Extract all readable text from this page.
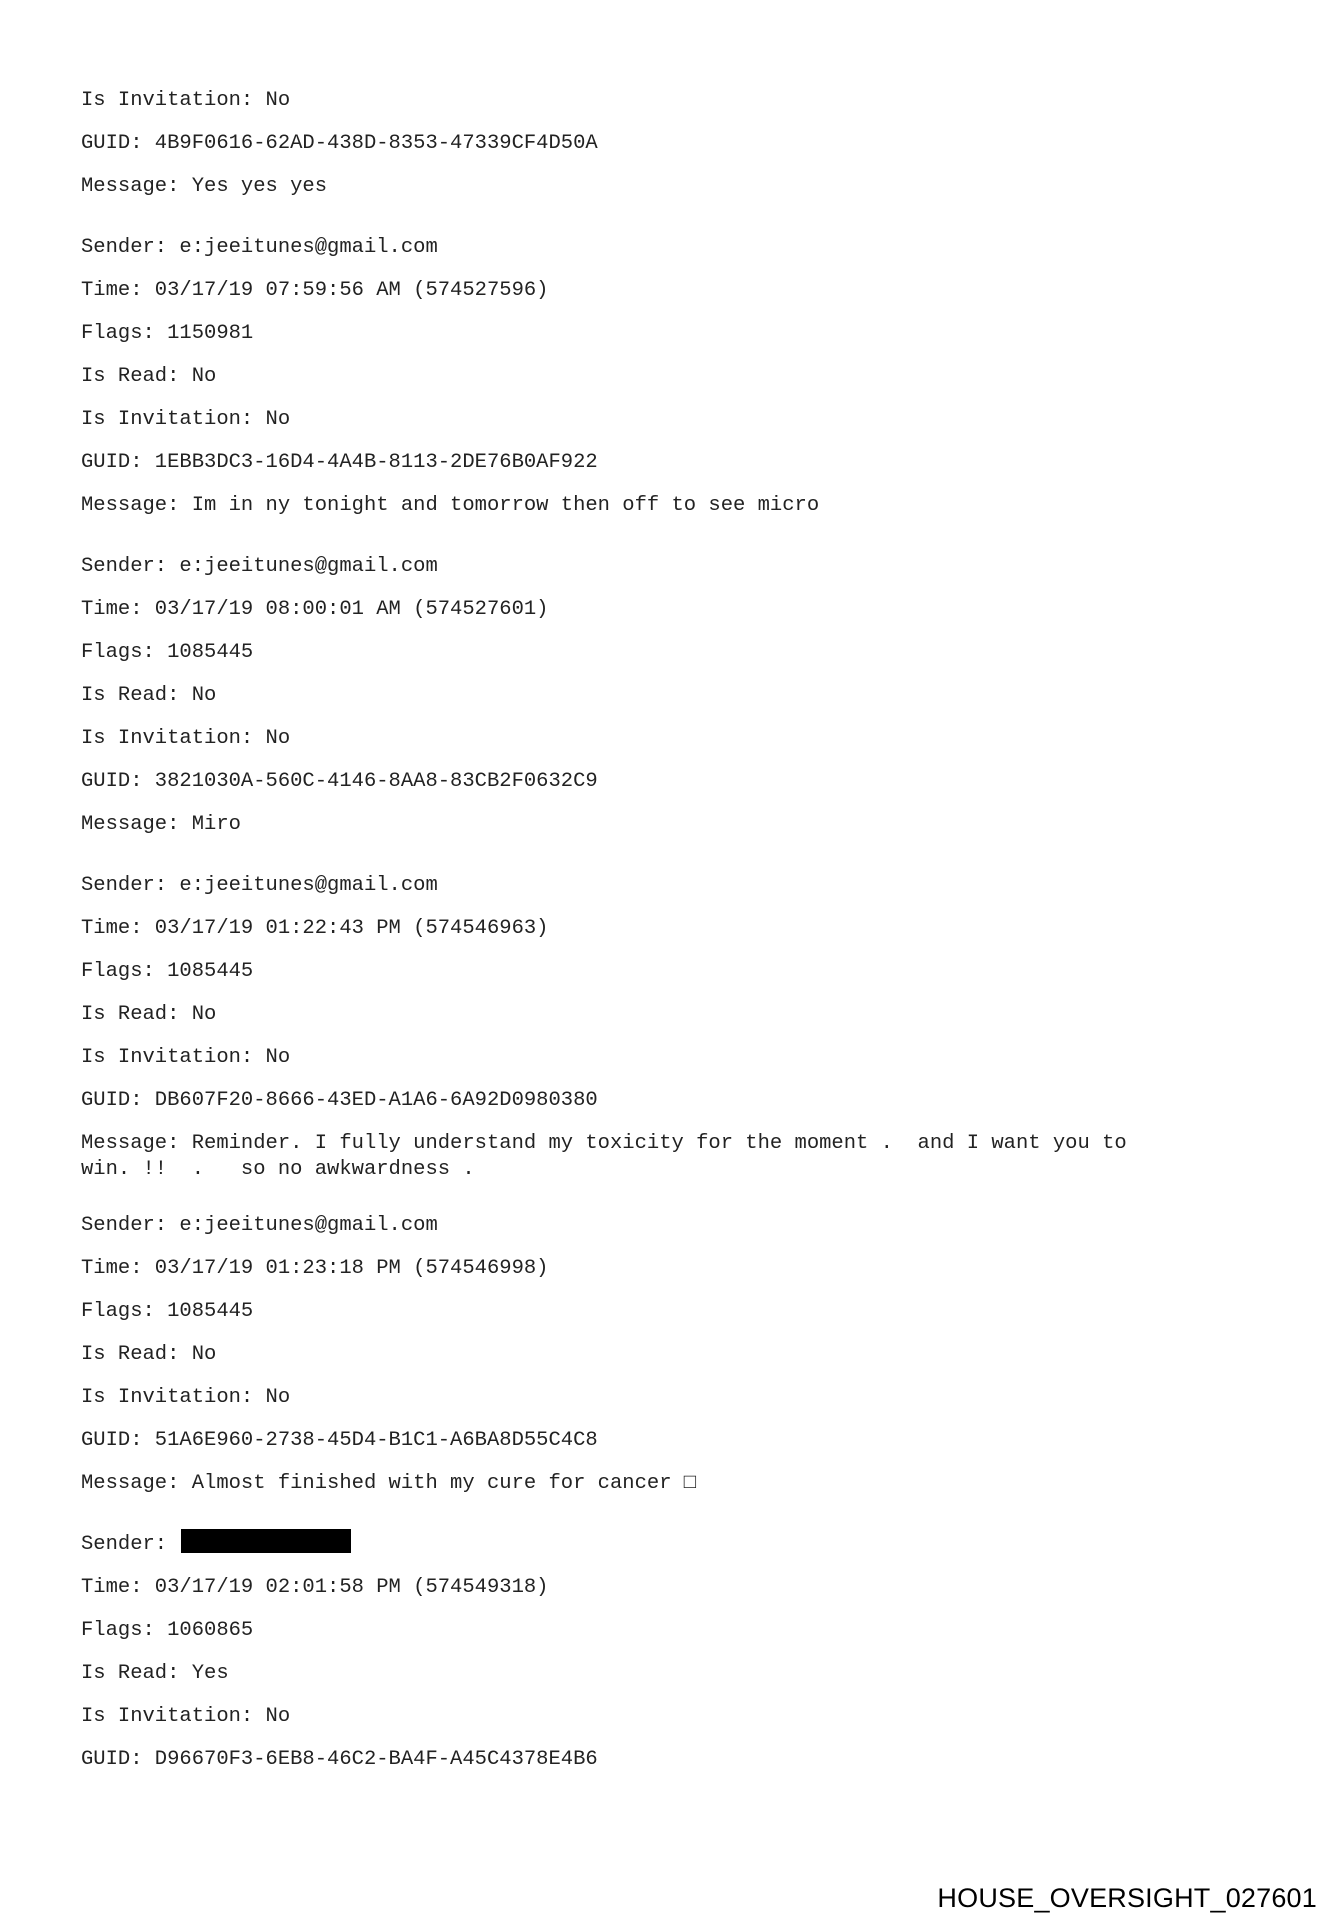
Is Invitation: No
GUID: 4B9F0616-62AD-438D-8353-47339CF4D50A
Message: Yes yes yes
Sender: e:jeeitunes@gmail.com
Time: 03/17/19 07:59:56 AM (574527596)
Flags: 1150981
Is Read: No
Is Invitation: No
GUID: 1EBB3DC3-16D4-4A4B-8113-2DE76B0AF922
Message: Im in ny tonight and tomorrow then off to see micro
Sender: e:jeeitunes@gmail.com
Time: 03/17/19 08:00:01 AM (574527601)
Flags: 1085445
Is Read: No
Is Invitation: No
GUID: 3821030A-560C-4146-8AA8-83CB2F0632C9
Message: Miro
Sender: e:jeeitunes@gmail.com
Time: 03/17/19 01:22:43 PM (574546963)
Flags: 1085445
Is Read: No
Is Invitation: No
GUID: DB607F20-8666-43ED-A1A6-6A92D0980380
Message: Reminder. I fully understand my toxicity for the moment .  and I want you to
win. !!  .   so no awkwardness .
Sender: e:jeeitunes@gmail.com
Time: 03/17/19 01:23:18 PM (574546998)
Flags: 1085445
Is Read: No
Is Invitation: No
GUID: 51A6E960-2738-45D4-B1C1-A6BA8D55C4C8
Message: Almost finished with my cure for cancer □
Sender:
Time: 03/17/19 02:01:58 PM (574549318)
Flags: 1060865
Is Read: Yes
Is Invitation: No
GUID: D96670F3-6EB8-46C2-BA4F-A45C4378E4B6
HOUSE_OVERSIGHT_027601
